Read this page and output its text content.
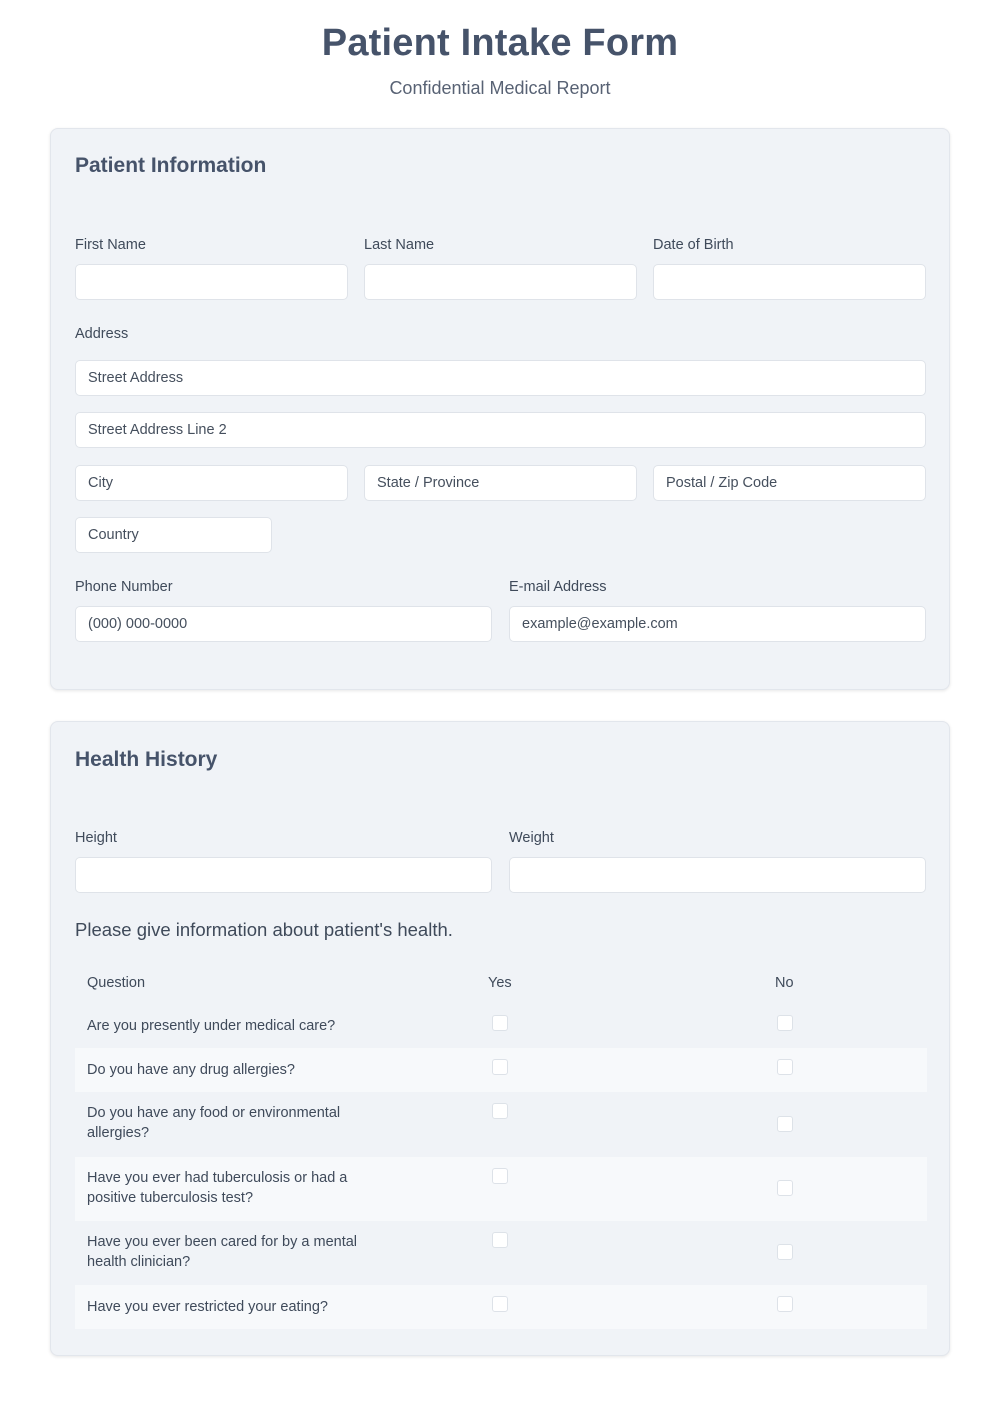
Patient Intake Form
Confidential Medical Report
Patient Information
First Name	Last Name	Date of Birth
Address
Street Address
Street Address Line 2
City
State / Province
Postal / Zip Code
Country
Phone Number	E-mail Address
(000) 000-0000
example@example.com
Health History
Height	Weight
Please give information about patient's health.
Question	Yes	No
Are you presently under medical care?
Do you have any drug allergies?
Do you have any food or environmental allergies?
Have you ever had tuberculosis or had a positive tuberculosis test?
Have you ever been cared for by a mental health clinician?
Have you ever restricted your eating?
